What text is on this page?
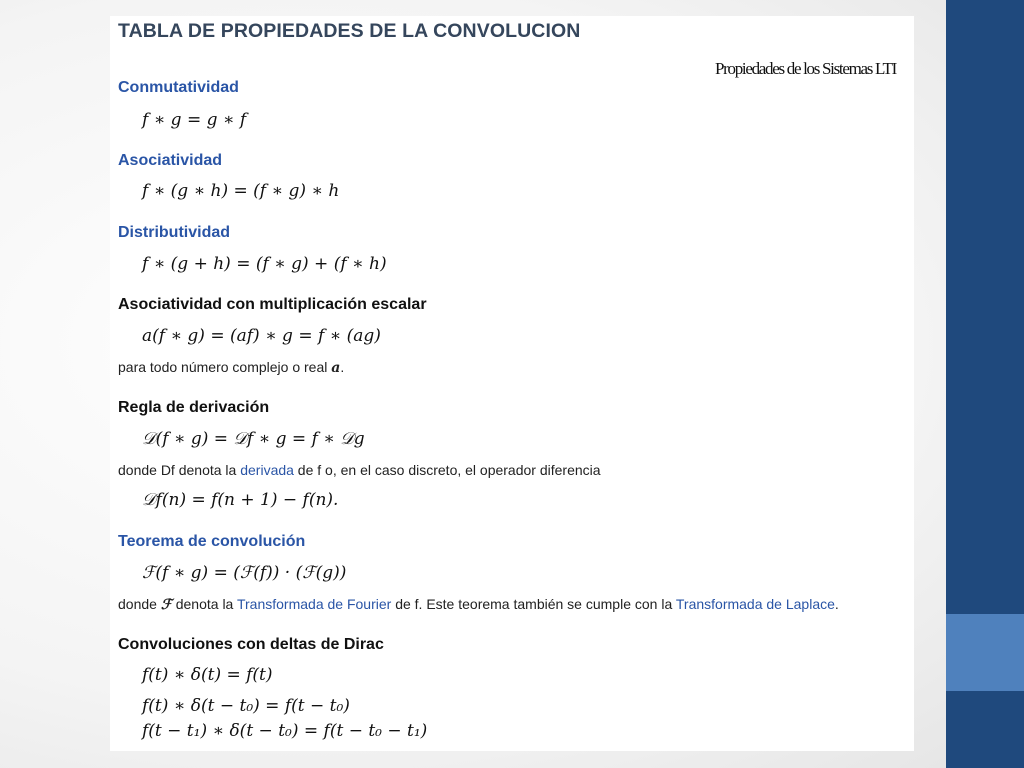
TABLA DE PROPIEDADES DE LA CONVOLUCION
Propiedades de los Sistemas LTI
Conmutatividad
f ∗ g = g ∗ f
Asociatividad
f ∗ (g ∗ h) = (f ∗ g) ∗ h
Distributividad
f ∗ (g + h) = (f ∗ g) + (f ∗ h)
Asociatividad con multiplicación escalar
a(f ∗ g) = (af) ∗ g = f ∗ (ag)
para todo número complejo o real a.
Regla de derivación
𝒟(f ∗ g) = 𝒟f ∗ g = f ∗ 𝒟g
donde Df denota la derivada de f o, en el caso discreto, el operador diferencia
𝒟f(n) = f(n + 1) − f(n).
Teorema de convolución
ℱ(f ∗ g) = (ℱ(f)) · (ℱ(g))
donde ℱ denota la Transformada de Fourier de f. Este teorema también se cumple con la Transformada de Laplace.
Convoluciones con deltas de Dirac
f(t) ∗ δ(t) = f(t)
f(t) ∗ δ(t − t₀) = f(t − t₀)
f(t − t₁) ∗ δ(t − t₀) = f(t − t₀ − t₁)
